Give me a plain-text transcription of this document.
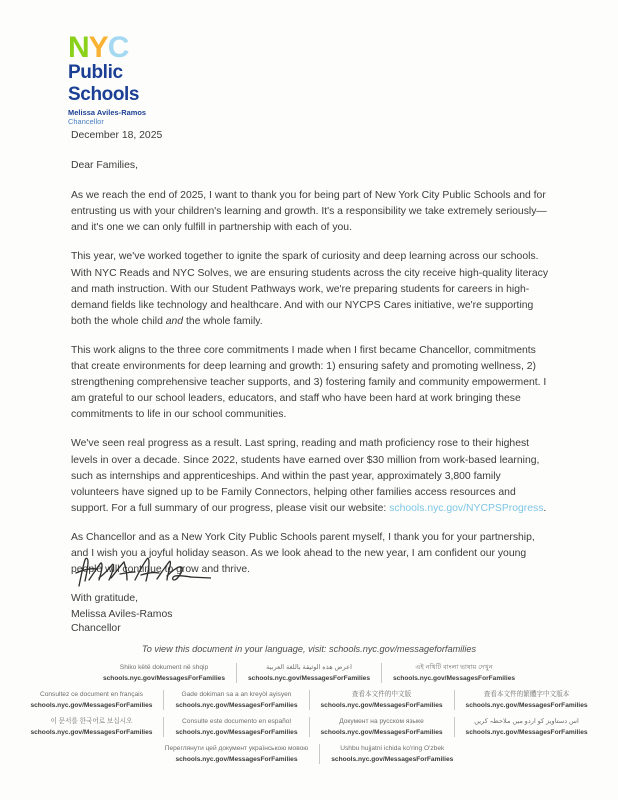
N Y C
Public
Schools
Melissa Aviles-Ramos
Chancellor
December 18, 2025
Dear Families,

As we reach the end of 2025, I want to thank you for being part of New York City Public Schools and for entrusting us with your children's learning and growth. It's a responsibility we take extremely seriously—and it's one we can only fulfill in partnership with each of you.

This year, we've worked together to ignite the spark of curiosity and deep learning across our schools. With NYC Reads and NYC Solves, we are ensuring students across the city receive high-quality literacy and math instruction. With our Student Pathways work, we're preparing students for careers in high-demand fields like technology and healthcare. And with our NYCPS Cares initiative, we're supporting both the whole child and the whole family.

This work aligns to the three core commitments I made when I first became Chancellor, commitments that create environments for deep learning and growth: 1) ensuring safety and promoting wellness, 2) strengthening comprehensive teacher supports, and 3) fostering family and community empowerment. I am grateful to our school leaders, educators, and staff who have been hard at work bringing these commitments to life in our school communities.

We've seen real progress as a result. Last spring, reading and math proficiency rose to their highest levels in over a decade. Since 2022, students have earned over $30 million from work-based learning, such as internships and apprenticeships. And within the past year, approximately 3,800 family volunteers have signed up to be Family Connectors, helping other families access resources and support. For a full summary of our progress, please visit our website: schools.nyc.gov/NYCPSProgress.

As Chancellor and as a New York City Public Schools parent myself, I thank you for your partnership, and I wish you a joyful holiday season. As we look ahead to the new year, I am confident our young people will continue to grow and thrive.

With gratitude,

Melissa Aviles-Ramos
Chancellor
To view this document in your language, visit: schools.nyc.gov/messageforfamilies
Shiko këtë dokument në shqip
schools.nyc.gov/MessagesForFamilies
اعرض هذه الوثيقة باللغة العربية
schools.nyc.gov/MessagesForFamilies
এই নথিটি বাংলা ভাষায় দেখুন
schools.nyc.gov/MessagesForFamilies
Consultez ce document en français
schools.nyc.gov/MessagesForFamilies
Gade dokiman sa a an kreyòl ayisyen
schools.nyc.gov/MessagesForFamilies
查看本文件的中文版
schools.nyc.gov/MessagesForFamilies
查看本文件的繁體字中文版本
schools.nyc.gov/MessagesForFamilies
이 문서를 한국어로 보십시오
schools.nyc.gov/MessagesForFamilies
Consulte este documento en español
schools.nyc.gov/MessagesForFamilies
Документ на русском языке
schools.nyc.gov/MessagesForFamilies
اس دستاویز کو اردو میں ملاحظہ کریں
schools.nyc.gov/MessagesForFamilies
Переглянути цей документ українською мовою
schools.nyc.gov/MessagesForFamilies
Ushbu hujjatni ichida ko'ring O'zbek
schools.nyc.gov/MessagesForFamilies
